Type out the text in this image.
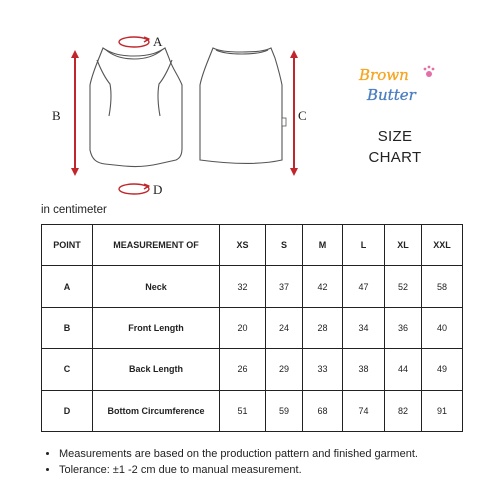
A
D
B	C
Brown
Butter
SIZE
CHART
in centimeter
POINT	MEASUREMENT OF	XS	S	M	L	XL	XXL
A	Neck	32	37	42	47	52	58
B	Front Length	20	24	28	34	36	40
C	Back Length	26	29	33	38	44	49
D	Bottom Circumference	51	59	68	74	82	91
• Measurements are based on the production pattern and finished garment.
• Tolerance: ±1 -2 cm due to manual measurement.
